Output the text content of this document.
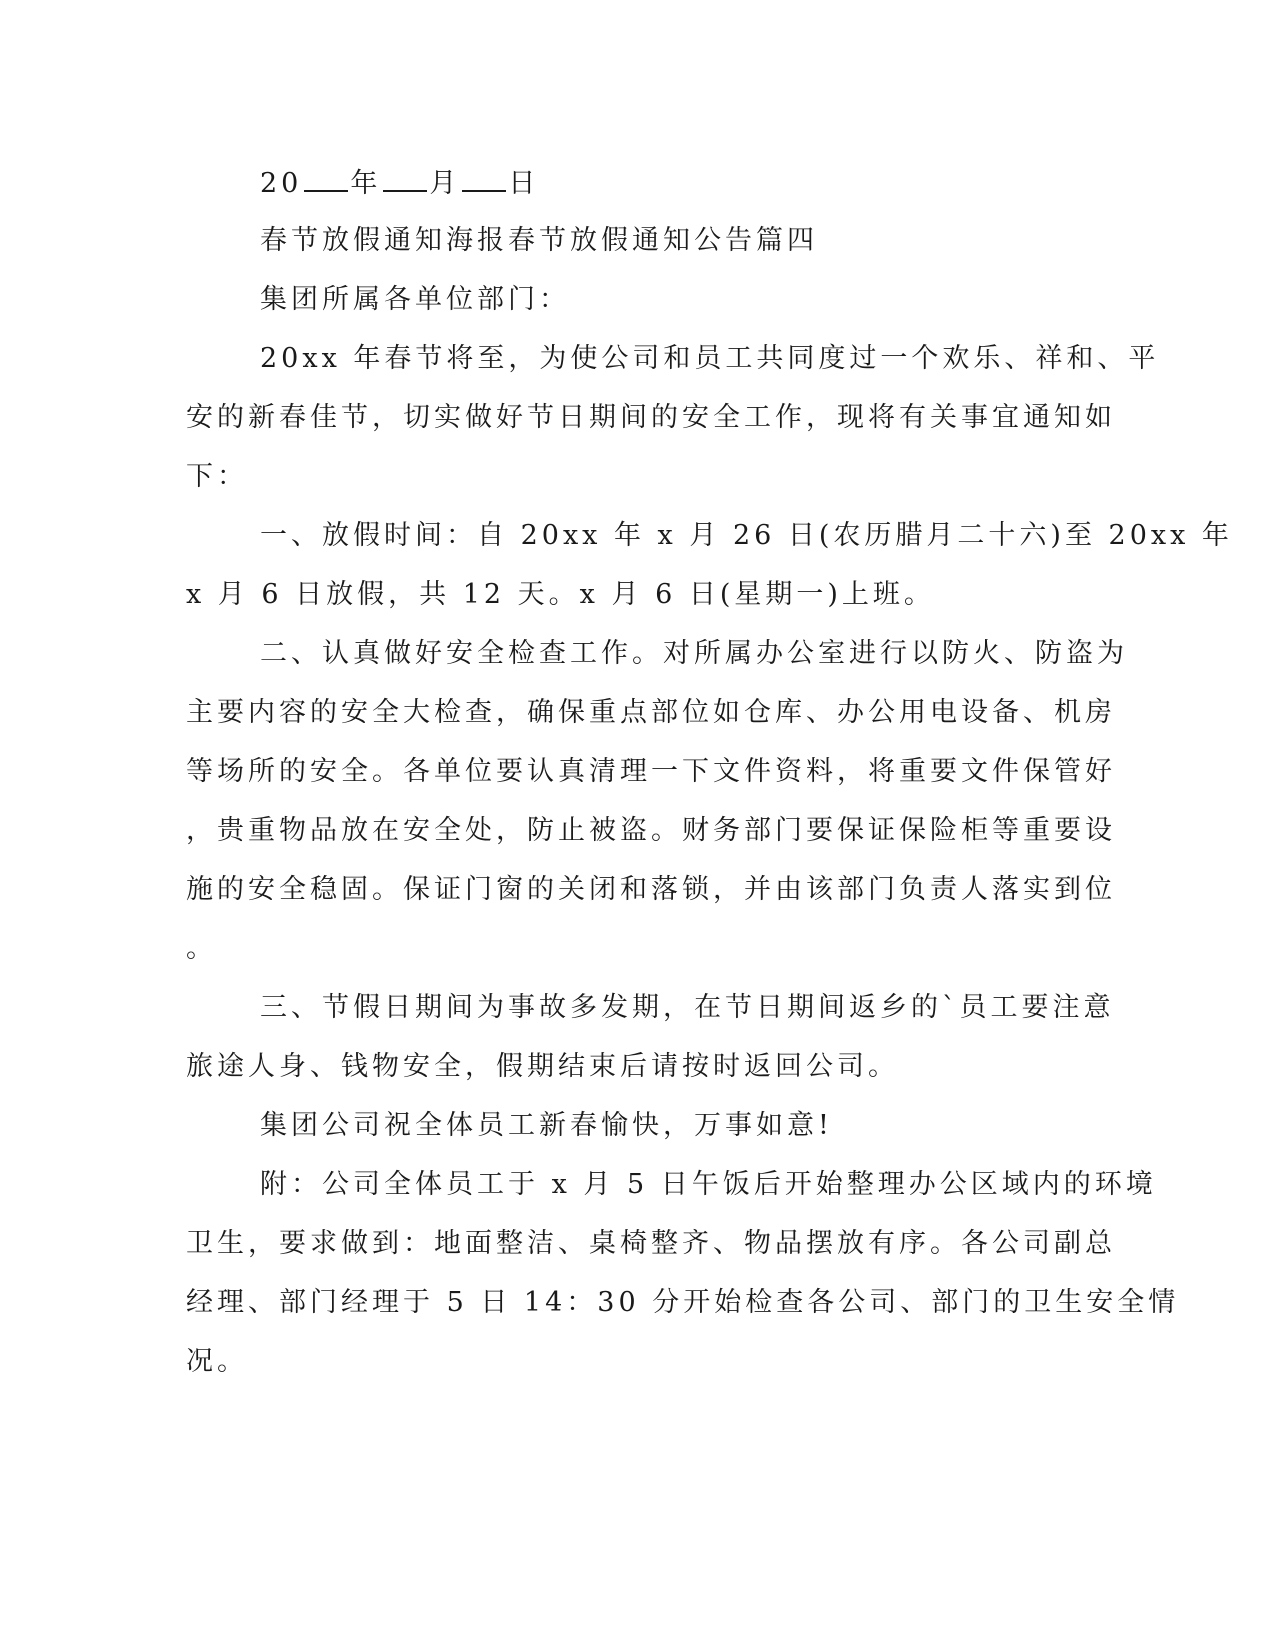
20 年 月 日
春节放假通知海报春节放假通知公告篇四
集团所属各单位部门：
20xx 年春节将至，为使公司和员工共同度过一个欢乐、祥和、平
安的新春佳节，切实做好节日期间的安全工作，现将有关事宜通知如
下：
一、放假时间：自 20xx 年 x 月 26 日(农历腊月二十六)至 20xx 年
x 月 6 日放假，共 12 天。x 月 6 日(星期一)上班。
二、认真做好安全检查工作。对所属办公室进行以防火、防盗为
主要内容的安全大检查，确保重点部位如仓库、办公用电设备、机房
等场所的安全。各单位要认真清理一下文件资料，将重要文件保管好
，贵重物品放在安全处，防止被盗。财务部门要保证保险柜等重要设
施的安全稳固。保证门窗的关闭和落锁，并由该部门负责人落实到位
。
三、节假日期间为事故多发期，在节日期间返乡的`员工要注意
旅途人身、钱物安全，假期结束后请按时返回公司。
集团公司祝全体员工新春愉快，万事如意!
附：公司全体员工于 x 月 5 日午饭后开始整理办公区域内的环境
卫生，要求做到：地面整洁、桌椅整齐、物品摆放有序。各公司副总
经理、部门经理于 5 日 14：30 分开始检查各公司、部门的卫生安全情
况。
